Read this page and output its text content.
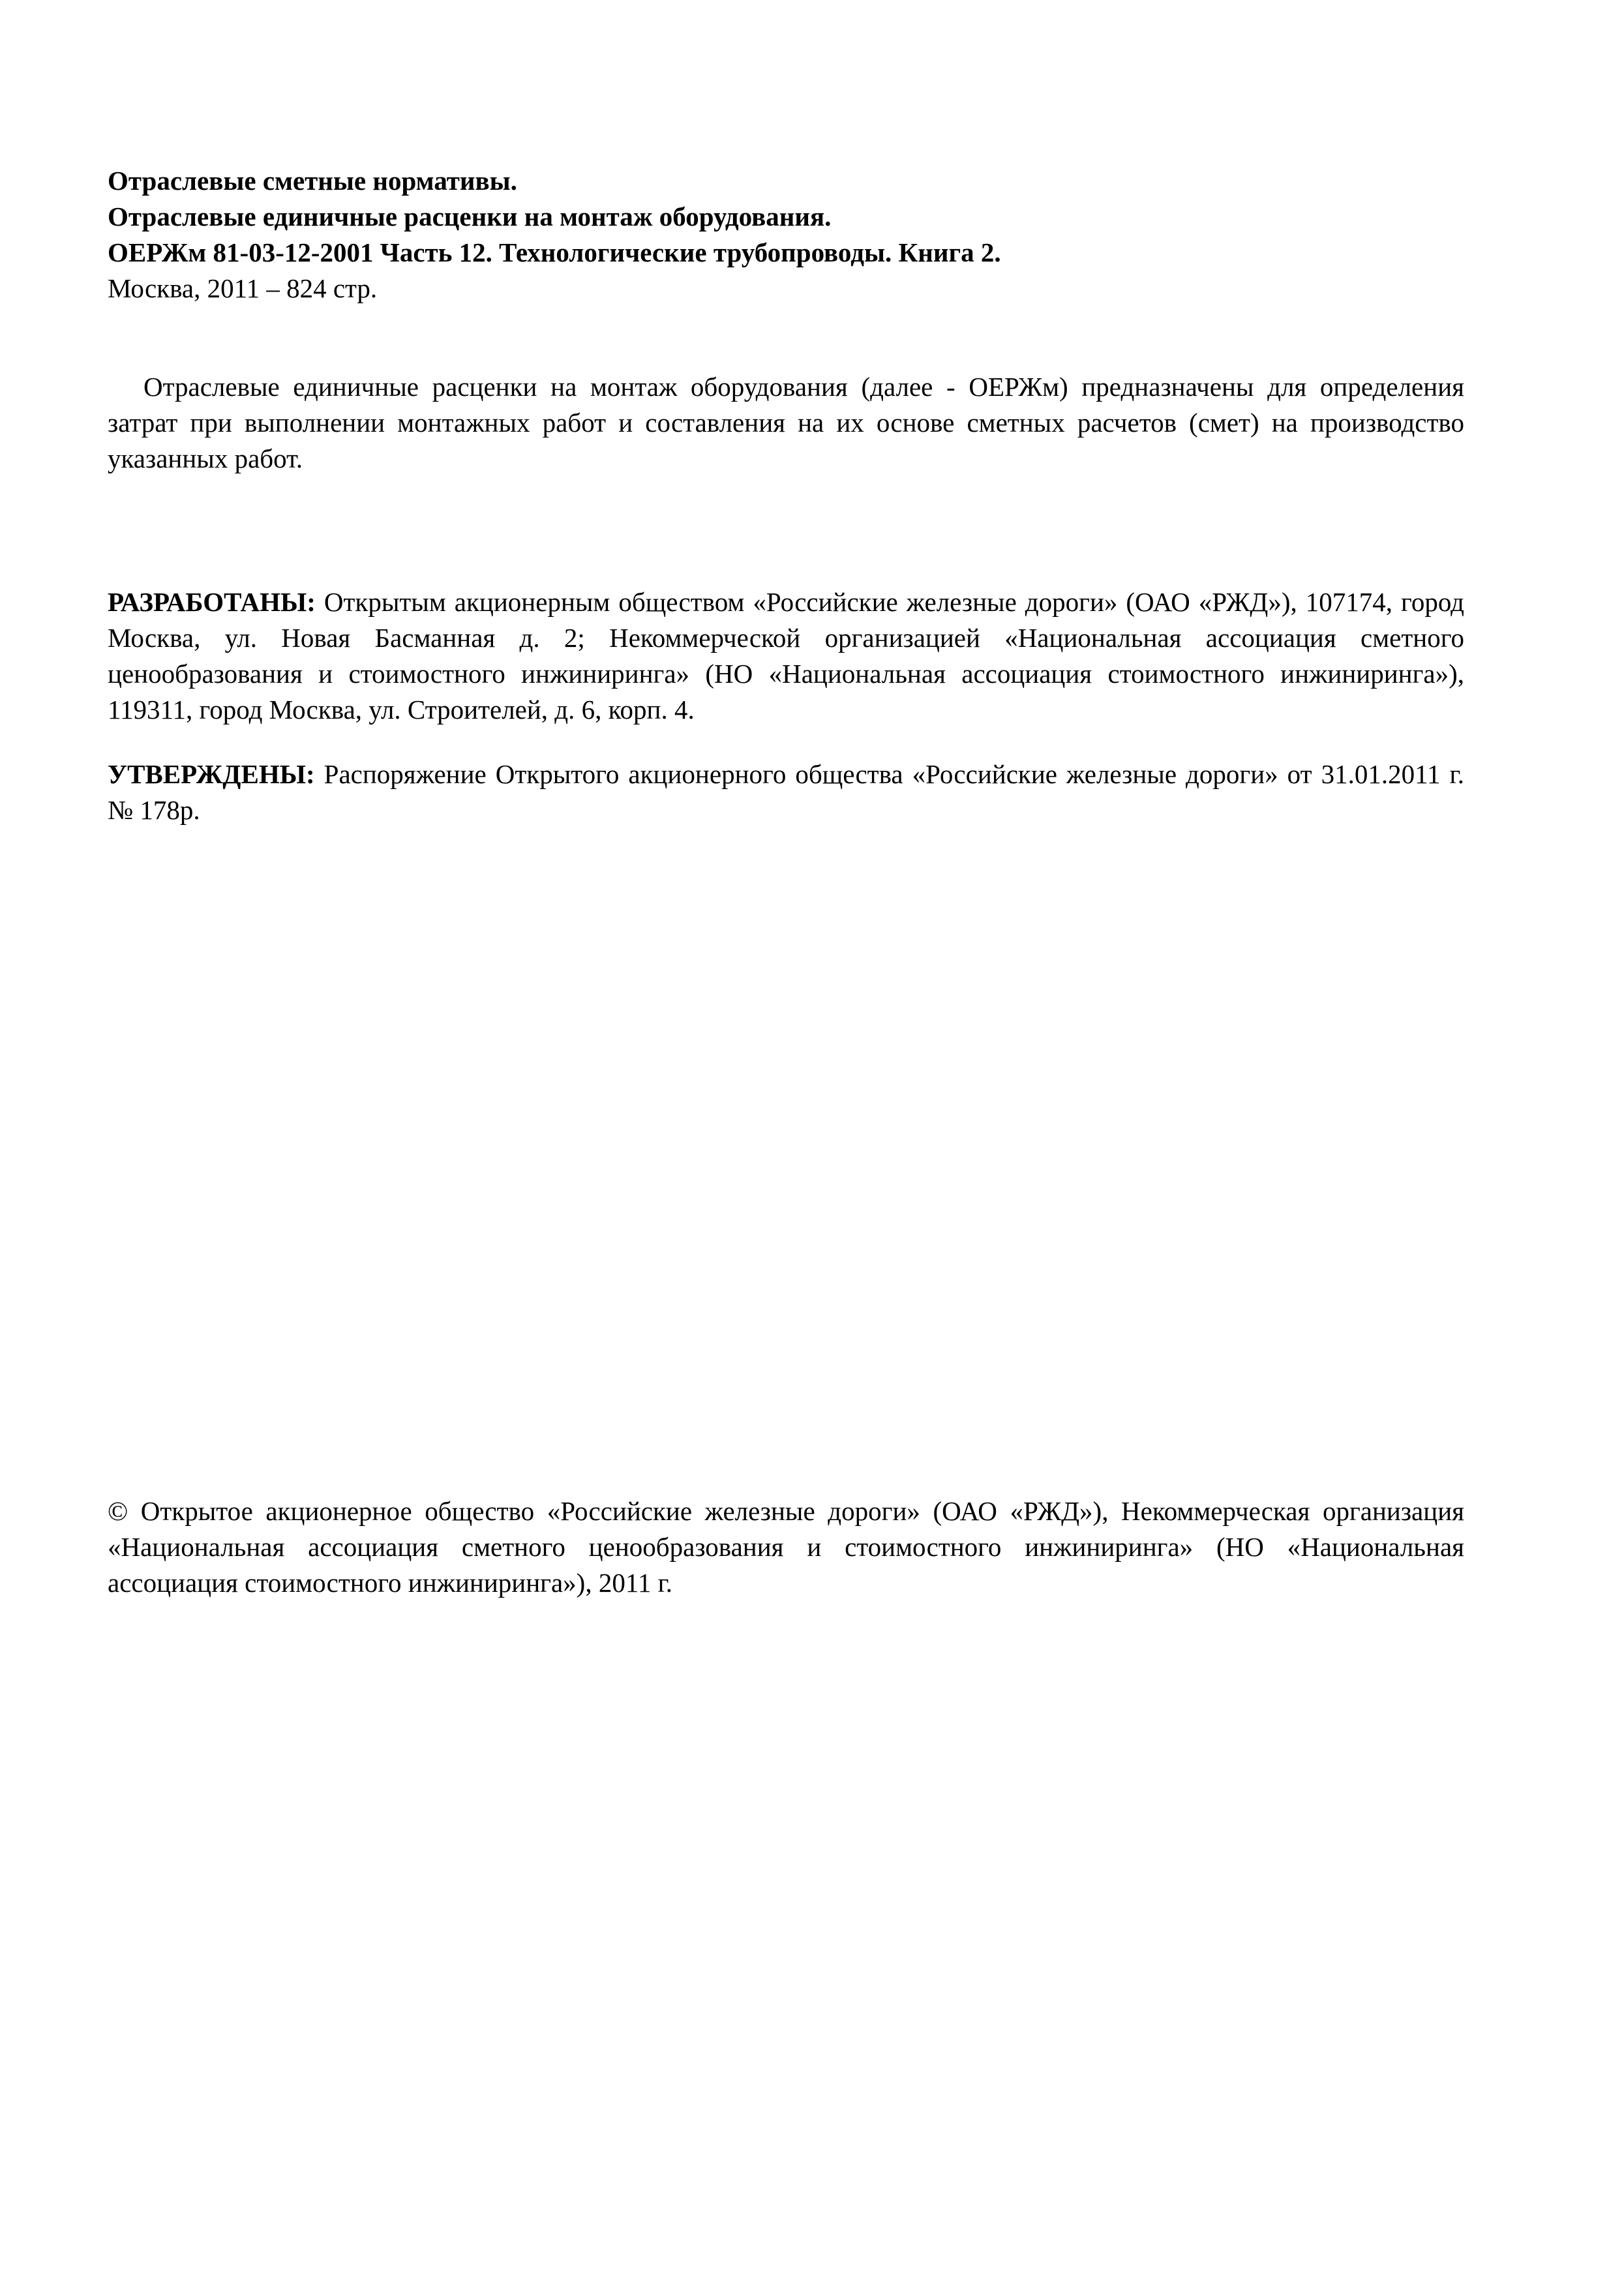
Отраслевые сметные нормативы.
Отраслевые единичные расценки на монтаж оборудования.
ОЕРЖм 81-03-12-2001 Часть 12. Технологические трубопроводы. Книга 2.
Москва, 2011 – 824 стр.

Отраслевые единичные расценки на монтаж оборудования (далее - ОЕРЖм) предназначены для определения затрат при выполнении монтажных работ и составления на их основе сметных расчетов (смет) на производство указанных работ.

РАЗРАБОТАНЫ: Открытым акционерным обществом «Российские железные дороги» (ОАО «РЖД»), 107174, город Москва, ул. Новая Басманная д. 2; Некоммерческой организацией «Национальная ассоциация сметного ценообразования и стоимостного инжиниринга» (НО «Национальная ассоциация стоимостного инжиниринга»), 119311, город Москва, ул. Строителей, д. 6, корп. 4.

УТВЕРЖДЕНЫ: Распоряжение Открытого акционерного общества «Российские железные дороги» от 31.01.2011 г. № 178р.

© Открытое акционерное общество «Российские железные дороги» (ОАО «РЖД»), Некоммерческая организация «Национальная ассоциация сметного ценообразования и стоимостного инжиниринга» (НО «Национальная ассоциация стоимостного инжиниринга»), 2011 г.
